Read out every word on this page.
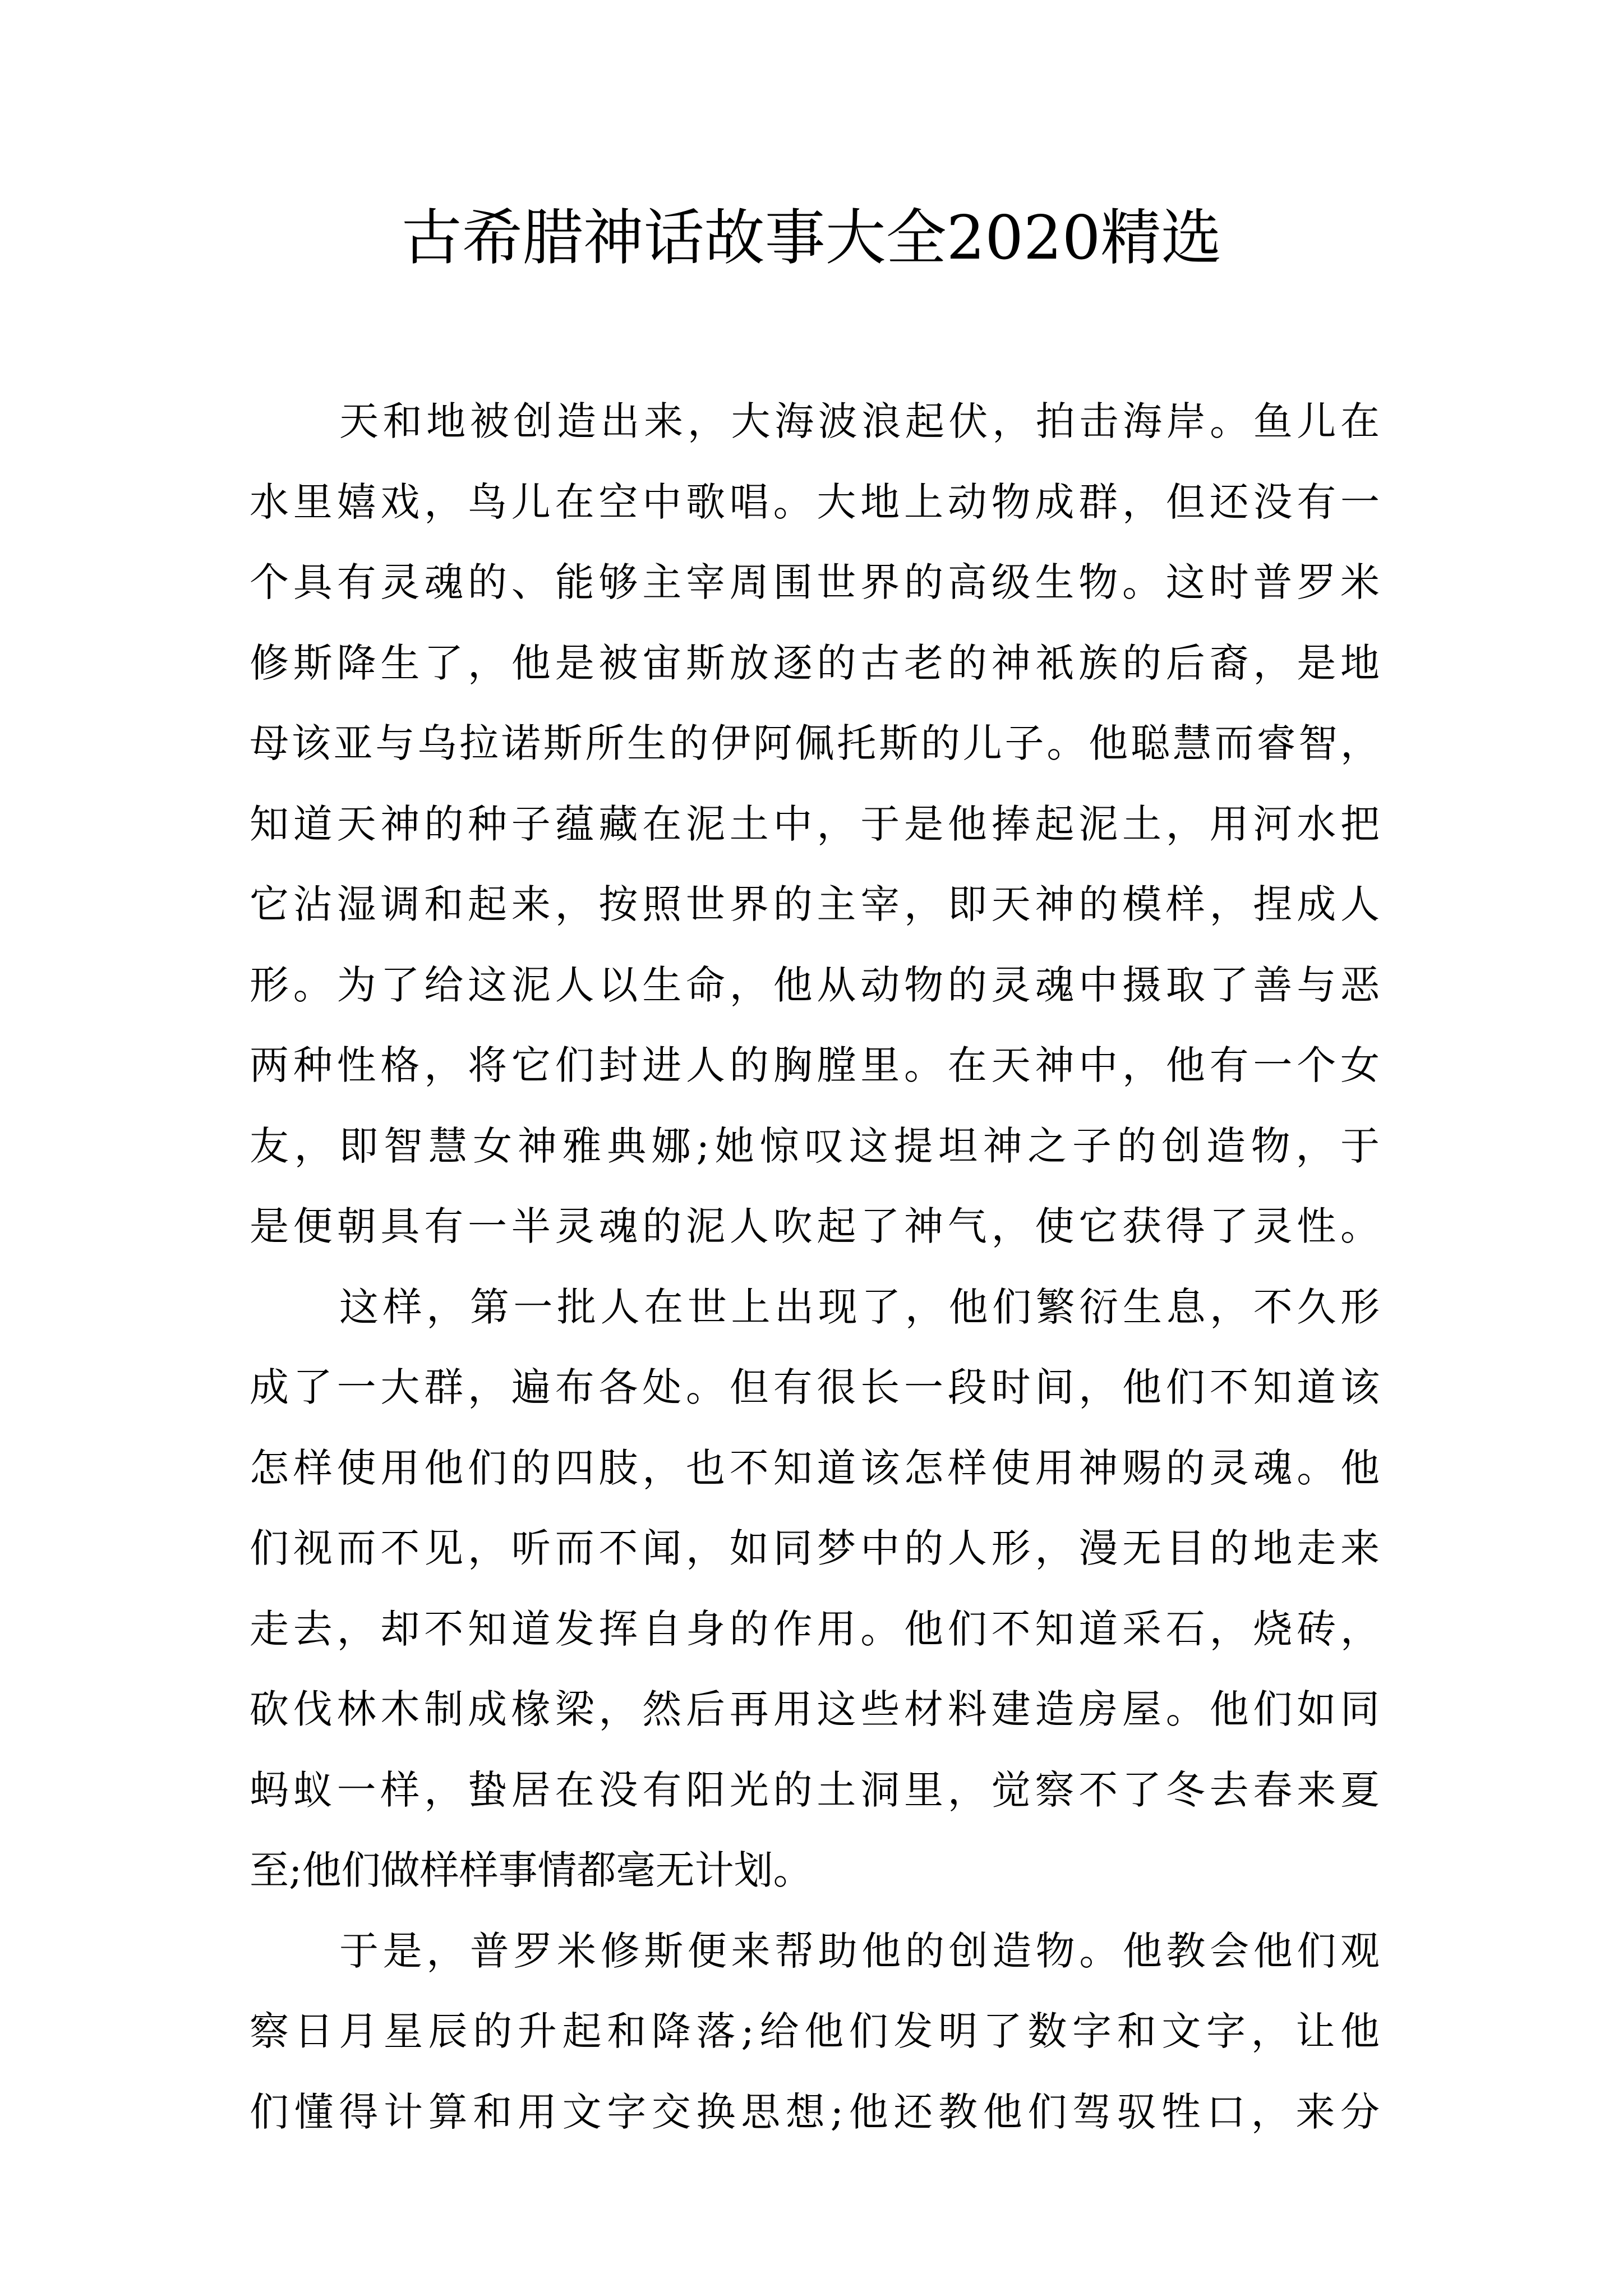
古希腊神话故事大全2020精选
天和地被创造出来，大海波浪起伏，拍击海岸。鱼儿在
水里嬉戏，鸟儿在空中歌唱。大地上动物成群，但还没有一
个具有灵魂的、能够主宰周围世界的高级生物。这时普罗米
修斯降生了，他是被宙斯放逐的古老的神衹族的后裔，是地
母该亚与乌拉诺斯所生的伊阿佩托斯的儿子。他聪慧而睿智，
知道天神的种子蕴藏在泥土中，于是他捧起泥土，用河水把
它沾湿调和起来，按照世界的主宰，即天神的模样，捏成人
形。为了给这泥人以生命，他从动物的灵魂中摄取了善与恶
两种性格，将它们封进人的胸膛里。在天神中，他有一个女
友，即智慧女神雅典娜;她惊叹这提坦神之子的创造物，于
是便朝具有一半灵魂的泥人吹起了神气，使它获得了灵性。
这样，第一批人在世上出现了，他们繁衍生息，不久形
成了一大群，遍布各处。但有很长一段时间，他们不知道该
怎样使用他们的四肢，也不知道该怎样使用神赐的灵魂。他
们视而不见，听而不闻，如同梦中的人形，漫无目的地走来
走去，却不知道发挥自身的作用。他们不知道采石，烧砖，
砍伐林木制成椽梁，然后再用这些材料建造房屋。他们如同
蚂蚁一样，蛰居在没有阳光的土洞里，觉察不了冬去春来夏
至;他们做样样事情都毫无计划。
于是，普罗米修斯便来帮助他的创造物。他教会他们观
察日月星辰的升起和降落;给他们发明了数字和文字，让他
们懂得计算和用文字交换思想;他还教他们驾驭牲口，来分
